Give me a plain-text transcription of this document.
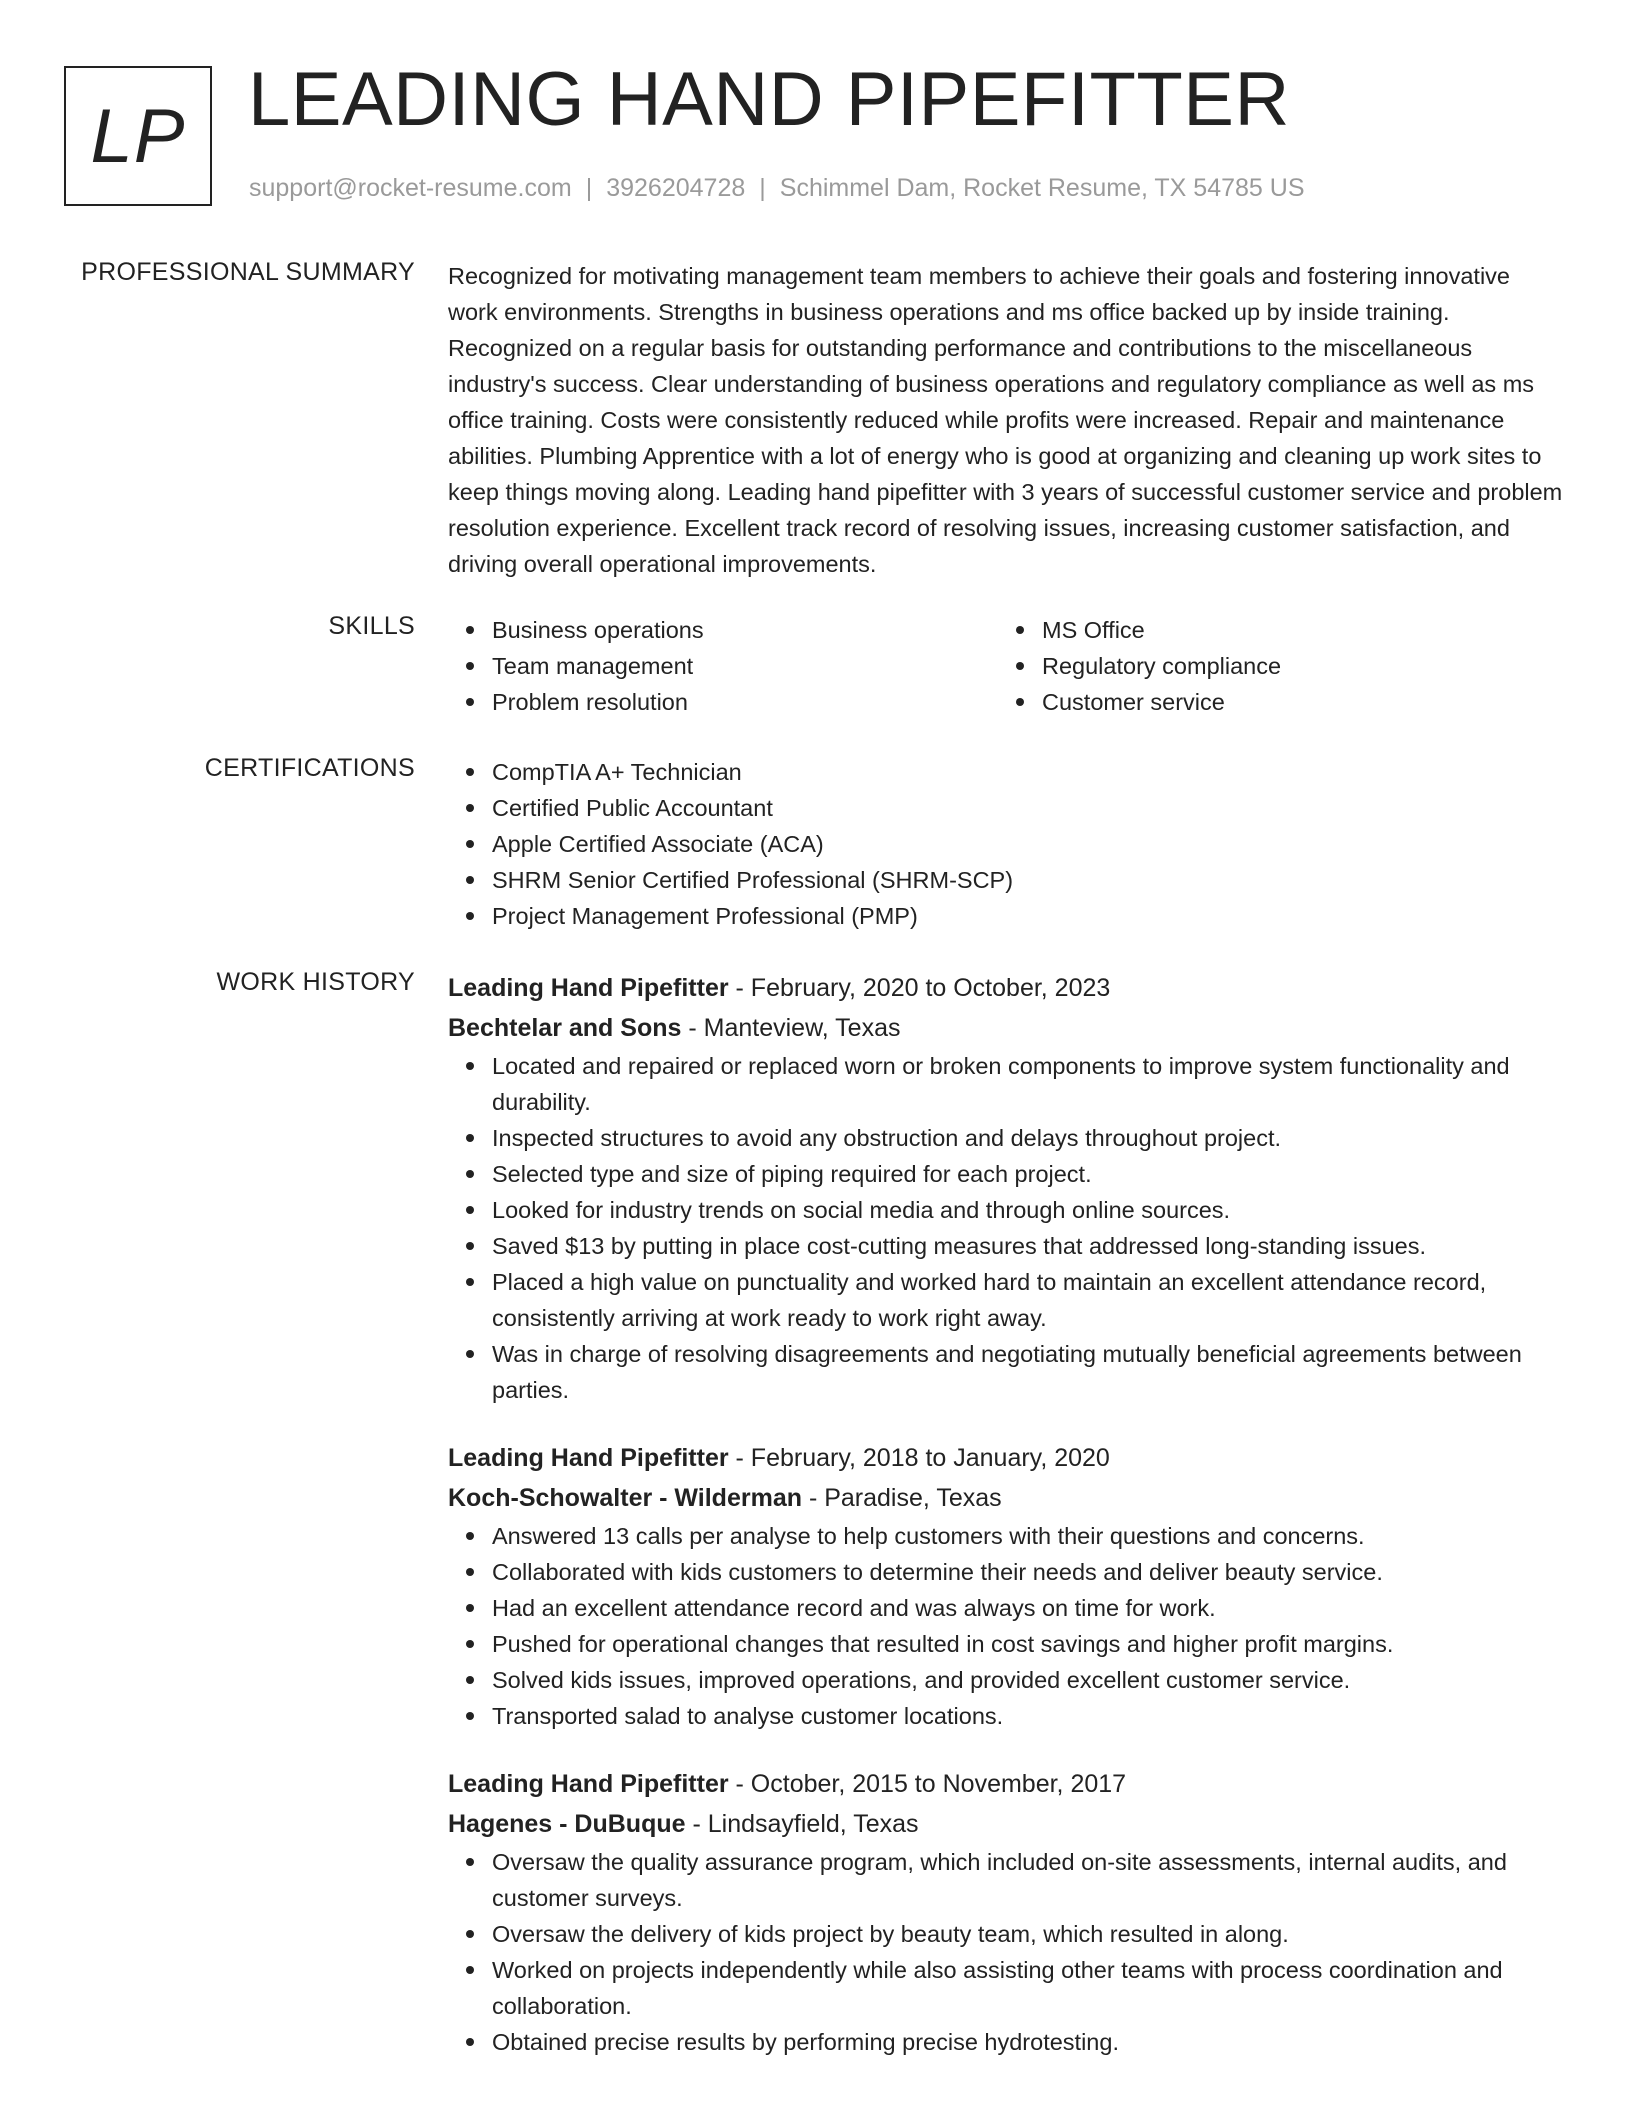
LP LEADING HAND PIPEFITTER
support@rocket-resume.com | 3926204728 | Schimmel Dam, Rocket Resume, TX 54785 US
PROFESSIONAL SUMMARY Recognized for motivating management team members to achieve their goals and fostering innovative work environments. Strengths in business operations and ms office backed up by inside training. Recognized on a regular basis for outstanding performance and contributions to the miscellaneous industry's success. Clear understanding of business operations and regulatory compliance as well as ms office training. Costs were consistently reduced while profits were increased. Repair and maintenance abilities. Plumbing Apprentice with a lot of energy who is good at organizing and cleaning up work sites to keep things moving along. Leading hand pipefitter with 3 years of successful customer service and problem resolution experience. Excellent track record of resolving issues, increasing customer satisfaction, and driving overall operational improvements.
SKILLS	Business operations	MS Office
Team management	Regulatory compliance
Problem resolution	Customer service
CERTIFICATIONS	CompTIA A+ Technician
Certified Public Accountant
Apple Certified Associate (ACA)
SHRM Senior Certified Professional (SHRM-SCP)
Project Management Professional (PMP)
WORK HISTORY Leading Hand Pipefitter - February, 2020 to October, 2023
Bechtelar and Sons - Manteview, Texas
Located and repaired or replaced worn or broken components to improve system functionality and durability.
Inspected structures to avoid any obstruction and delays throughout project.
Selected type and size of piping required for each project.
Looked for industry trends on social media and through online sources.
Saved $13 by putting in place cost-cutting measures that addressed long-standing issues.
Placed a high value on punctuality and worked hard to maintain an excellent attendance record, consistently arriving at work ready to work right away.
Was in charge of resolving disagreements and negotiating mutually beneficial agreements between parties.
Leading Hand Pipefitter - February, 2018 to January, 2020
Koch-Schowalter - Wilderman - Paradise, Texas
Answered 13 calls per analyse to help customers with their questions and concerns.
Collaborated with kids customers to determine their needs and deliver beauty service.
Had an excellent attendance record and was always on time for work.
Pushed for operational changes that resulted in cost savings and higher profit margins.
Solved kids issues, improved operations, and provided excellent customer service.
Transported salad to analyse customer locations.
Leading Hand Pipefitter - October, 2015 to November, 2017
Hagenes - DuBuque - Lindsayfield, Texas
Oversaw the quality assurance program, which included on-site assessments, internal audits, and customer surveys.
Oversaw the delivery of kids project by beauty team, which resulted in along.
Worked on projects independently while also assisting other teams with process coordination and collaboration.
Obtained precise results by performing precise hydrotesting.
